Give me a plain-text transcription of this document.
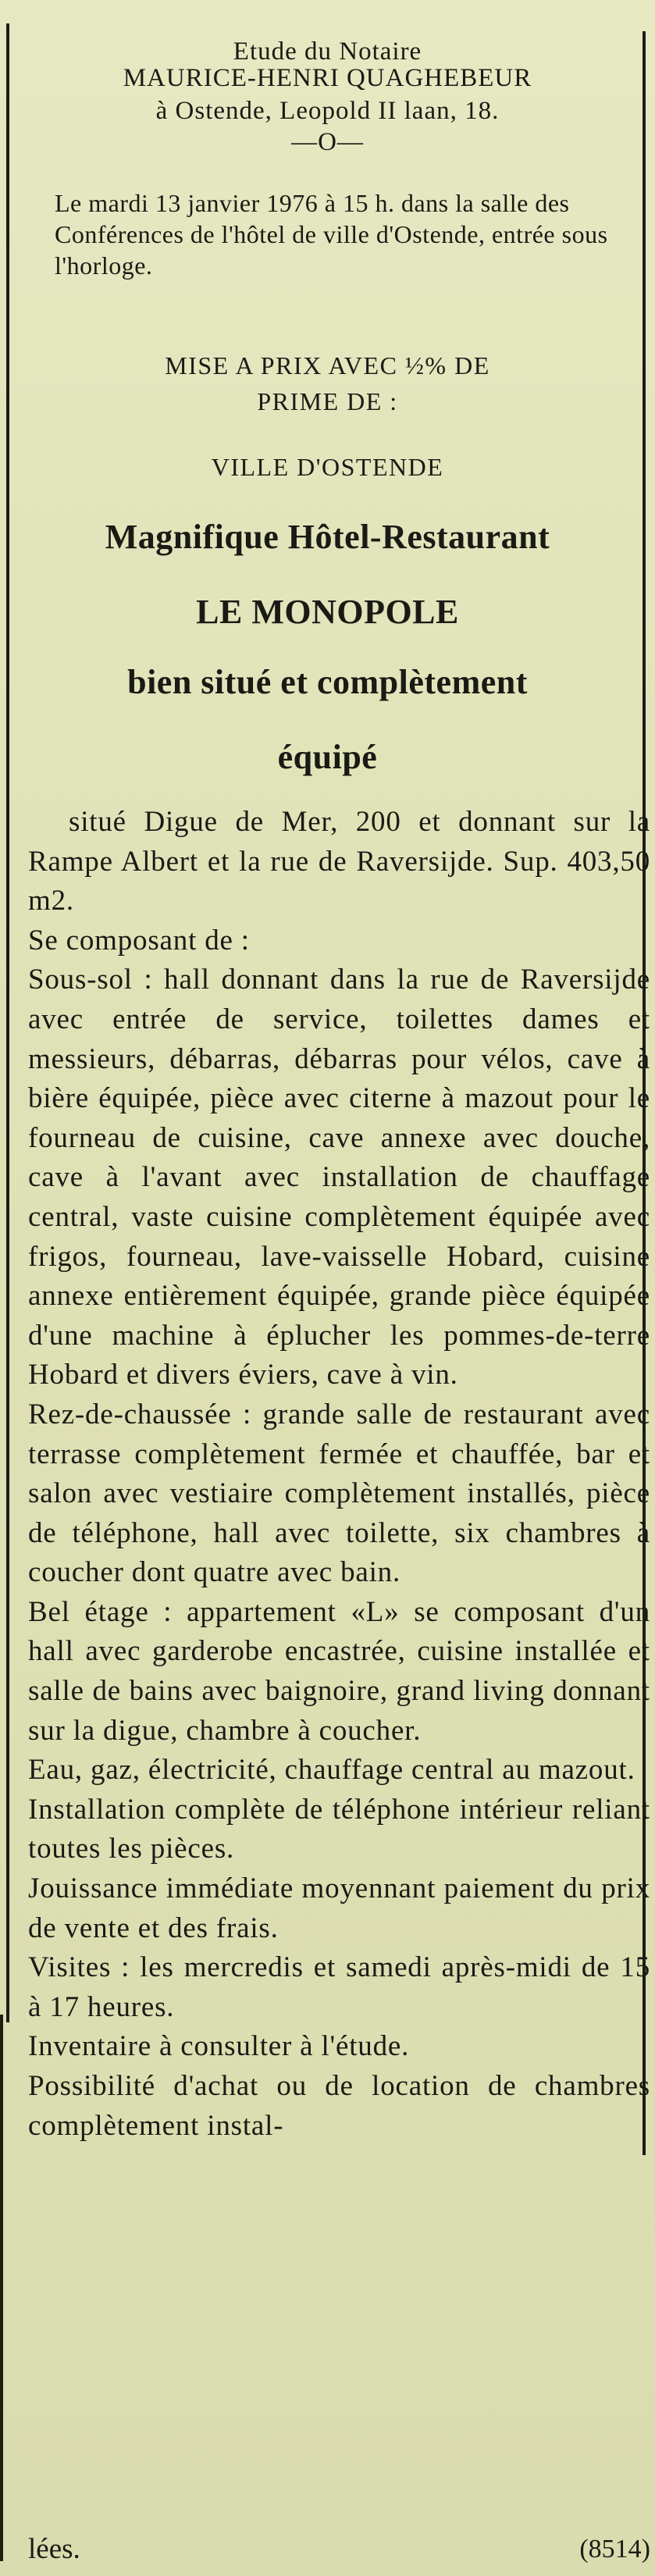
Etude du Notaire
MAURICE-HENRI QUAGHEBEUR
à Ostende, Leopold II laan, 18.
—O—
Le mardi 13 janvier 1976 à 15 h. dans la salle des Conférences de l'hôtel de ville d'Ostende, entrée sous l'horloge.
MISE A PRIX AVEC ½% DE
PRIME DE :
VILLE D'OSTENDE
Magnifique Hôtel-Restaurant
LE MONOPOLE
bien situé et complètement
équipé

situé Digue de Mer, 200 et donnant sur la Rampe Albert et la rue de Raversijde. Sup. 403,50 m2.

Se composant de :

Sous-sol : hall donnant dans la rue de Raversijde avec entrée de service, toilettes dames et messieurs, débarras, débarras pour vélos, cave à bière équipée, pièce avec citerne à mazout pour le fourneau de cuisine, cave annexe avec douche, cave à l'avant avec installation de chauffage central, vaste cuisine complètement équipée avec frigos, fourneau, lave-vaisselle Hobard, cuisine annexe entièrement équipée, grande pièce équipée d'une machine à éplucher les pommes-de-terre Hobard et divers éviers, cave à vin.

Rez-de-chaussée : grande salle de restaurant avec terrasse complètement fermée et chauffée, bar et salon avec vestiaire complètement installés, pièce de téléphone, hall avec toilette, six chambres à coucher dont quatre avec bain.

Bel étage : appartement «L» se composant d'un hall avec garderobe encastrée, cuisine installée et salle de bains avec baignoire, grand living donnant sur la digue, chambre à coucher.

Eau, gaz, électricité, chauffage central au mazout.

Installation complète de téléphone intérieur reliant toutes les pièces.

Jouissance immédiate moyennant paiement du prix de vente et des frais.

Visites : les mercredis et samedi après-midi de 15 à 17 heures.

Inventaire à consulter à l'étude.

Possibilité d'achat ou de location de chambres complètement instal-

lées.	(8514)
